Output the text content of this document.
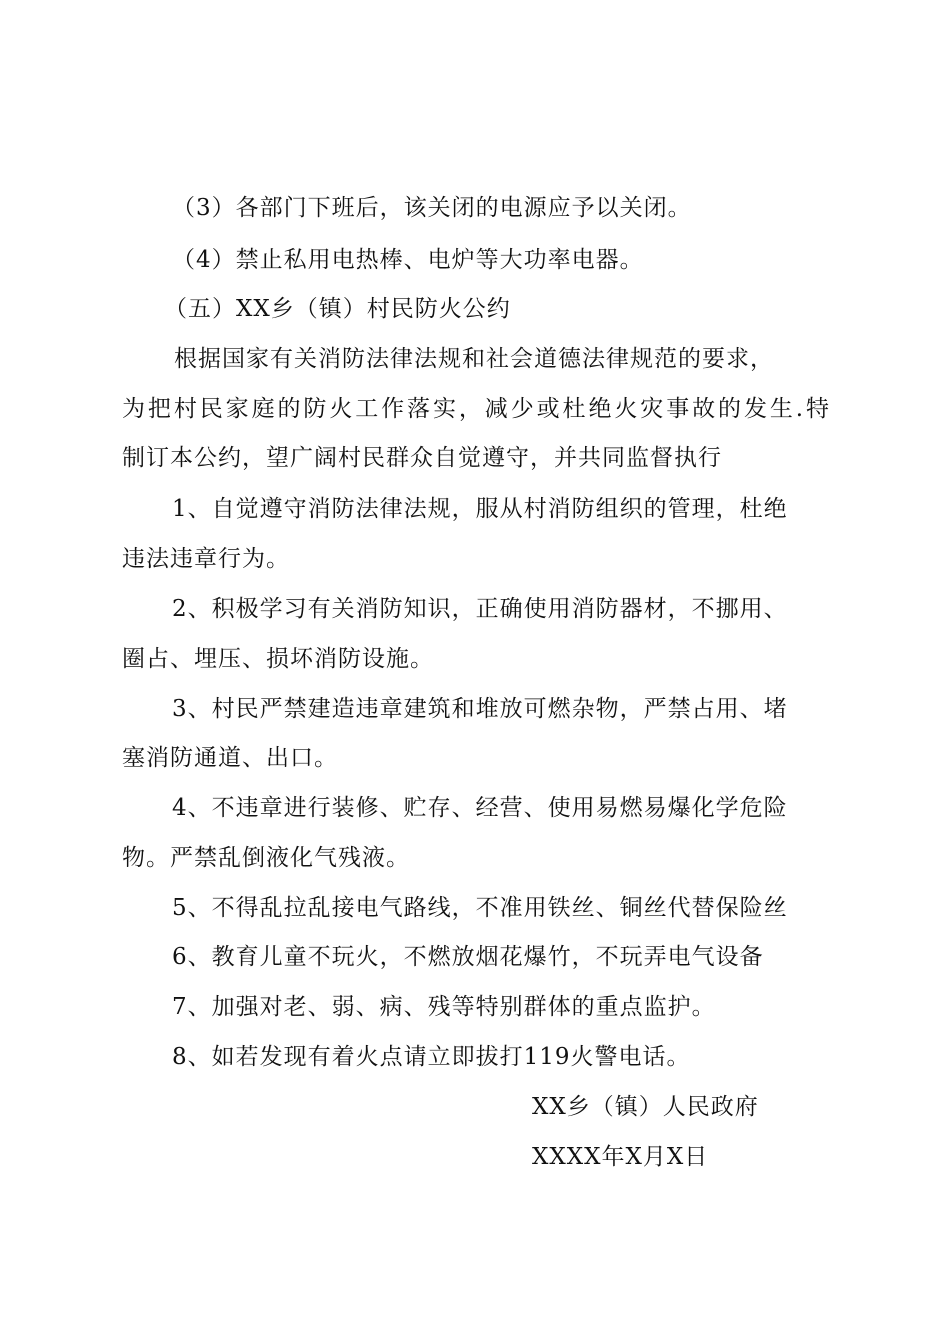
（3）各部门下班后，该关闭的电源应予以关闭。

（4）禁止私用电热棒、电炉等大功率电器。

（五）XX乡（镇）村民防火公约

根据国家有关消防法律法规和社会道德法律规范的要求，

为把村民家庭的防火工作落实，减少或杜绝火灾事故的发生.特

制订本公约，望广阔村民群众自觉遵守，并共同监督执行

1、自觉遵守消防法律法规，服从村消防组织的管理，杜绝

违法违章行为。

2、积极学习有关消防知识，正确使用消防器材，不挪用、

圈占、埋压、损坏消防设施。

3、村民严禁建造违章建筑和堆放可燃杂物，严禁占用、堵

塞消防通道、出口。

4、不违章进行装修、贮存、经营、使用易燃易爆化学危险

物。严禁乱倒液化气残液。

5、不得乱拉乱接电气路线，不准用铁丝、铜丝代替保险丝

6、教育儿童不玩火，不燃放烟花爆竹，不玩弄电气设备

7、加强对老、弱、病、残等特别群体的重点监护。

8、如若发现有着火点请立即拔打119火警电话。

XX乡（镇）人民政府

XXXX年X月X日
